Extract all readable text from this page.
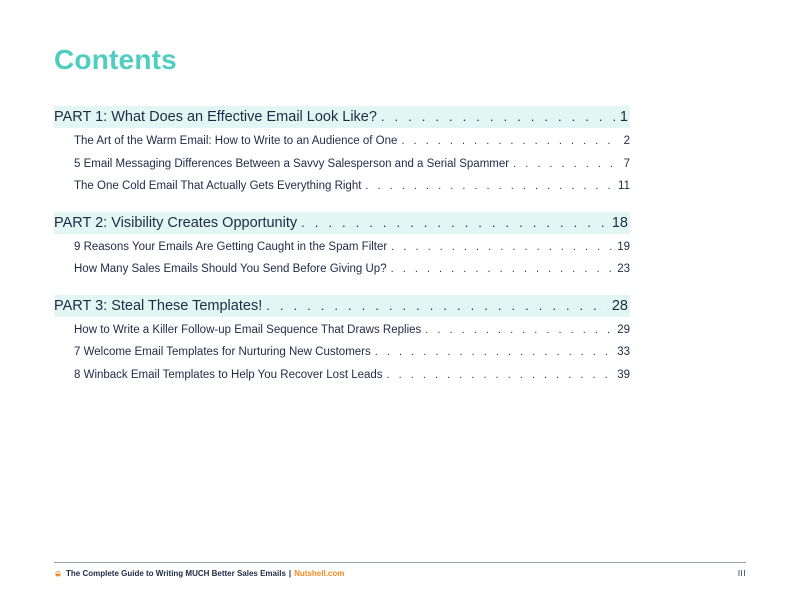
Contents
PART 1: What Does an Effective Email Look Like? . . .	1
The Art of the Warm Email: How to Write to an Audience of One . . .	2
5 Email Messaging Differences Between a Savvy Salesperson and a Serial Spammer . . .	7
The One Cold Email That Actually Gets Everything Right . . .	11
PART 2: Visibility Creates Opportunity . . .	18
9 Reasons Your Emails Are Getting Caught in the Spam Filter . . .	19
How Many Sales Emails Should You Send Before Giving Up? . . .	23
PART 3: Steal These Templates! . . .	28
How to Write a Killer Follow-up Email Sequence That Draws Replies . . .	29
7 Welcome Email Templates for Nurturing New Customers . . .	33
8 Winback Email Templates to Help You Recover Lost Leads . . .	39
The Complete Guide to Writing MUCH Better Sales Emails | Nutshell.com	III
